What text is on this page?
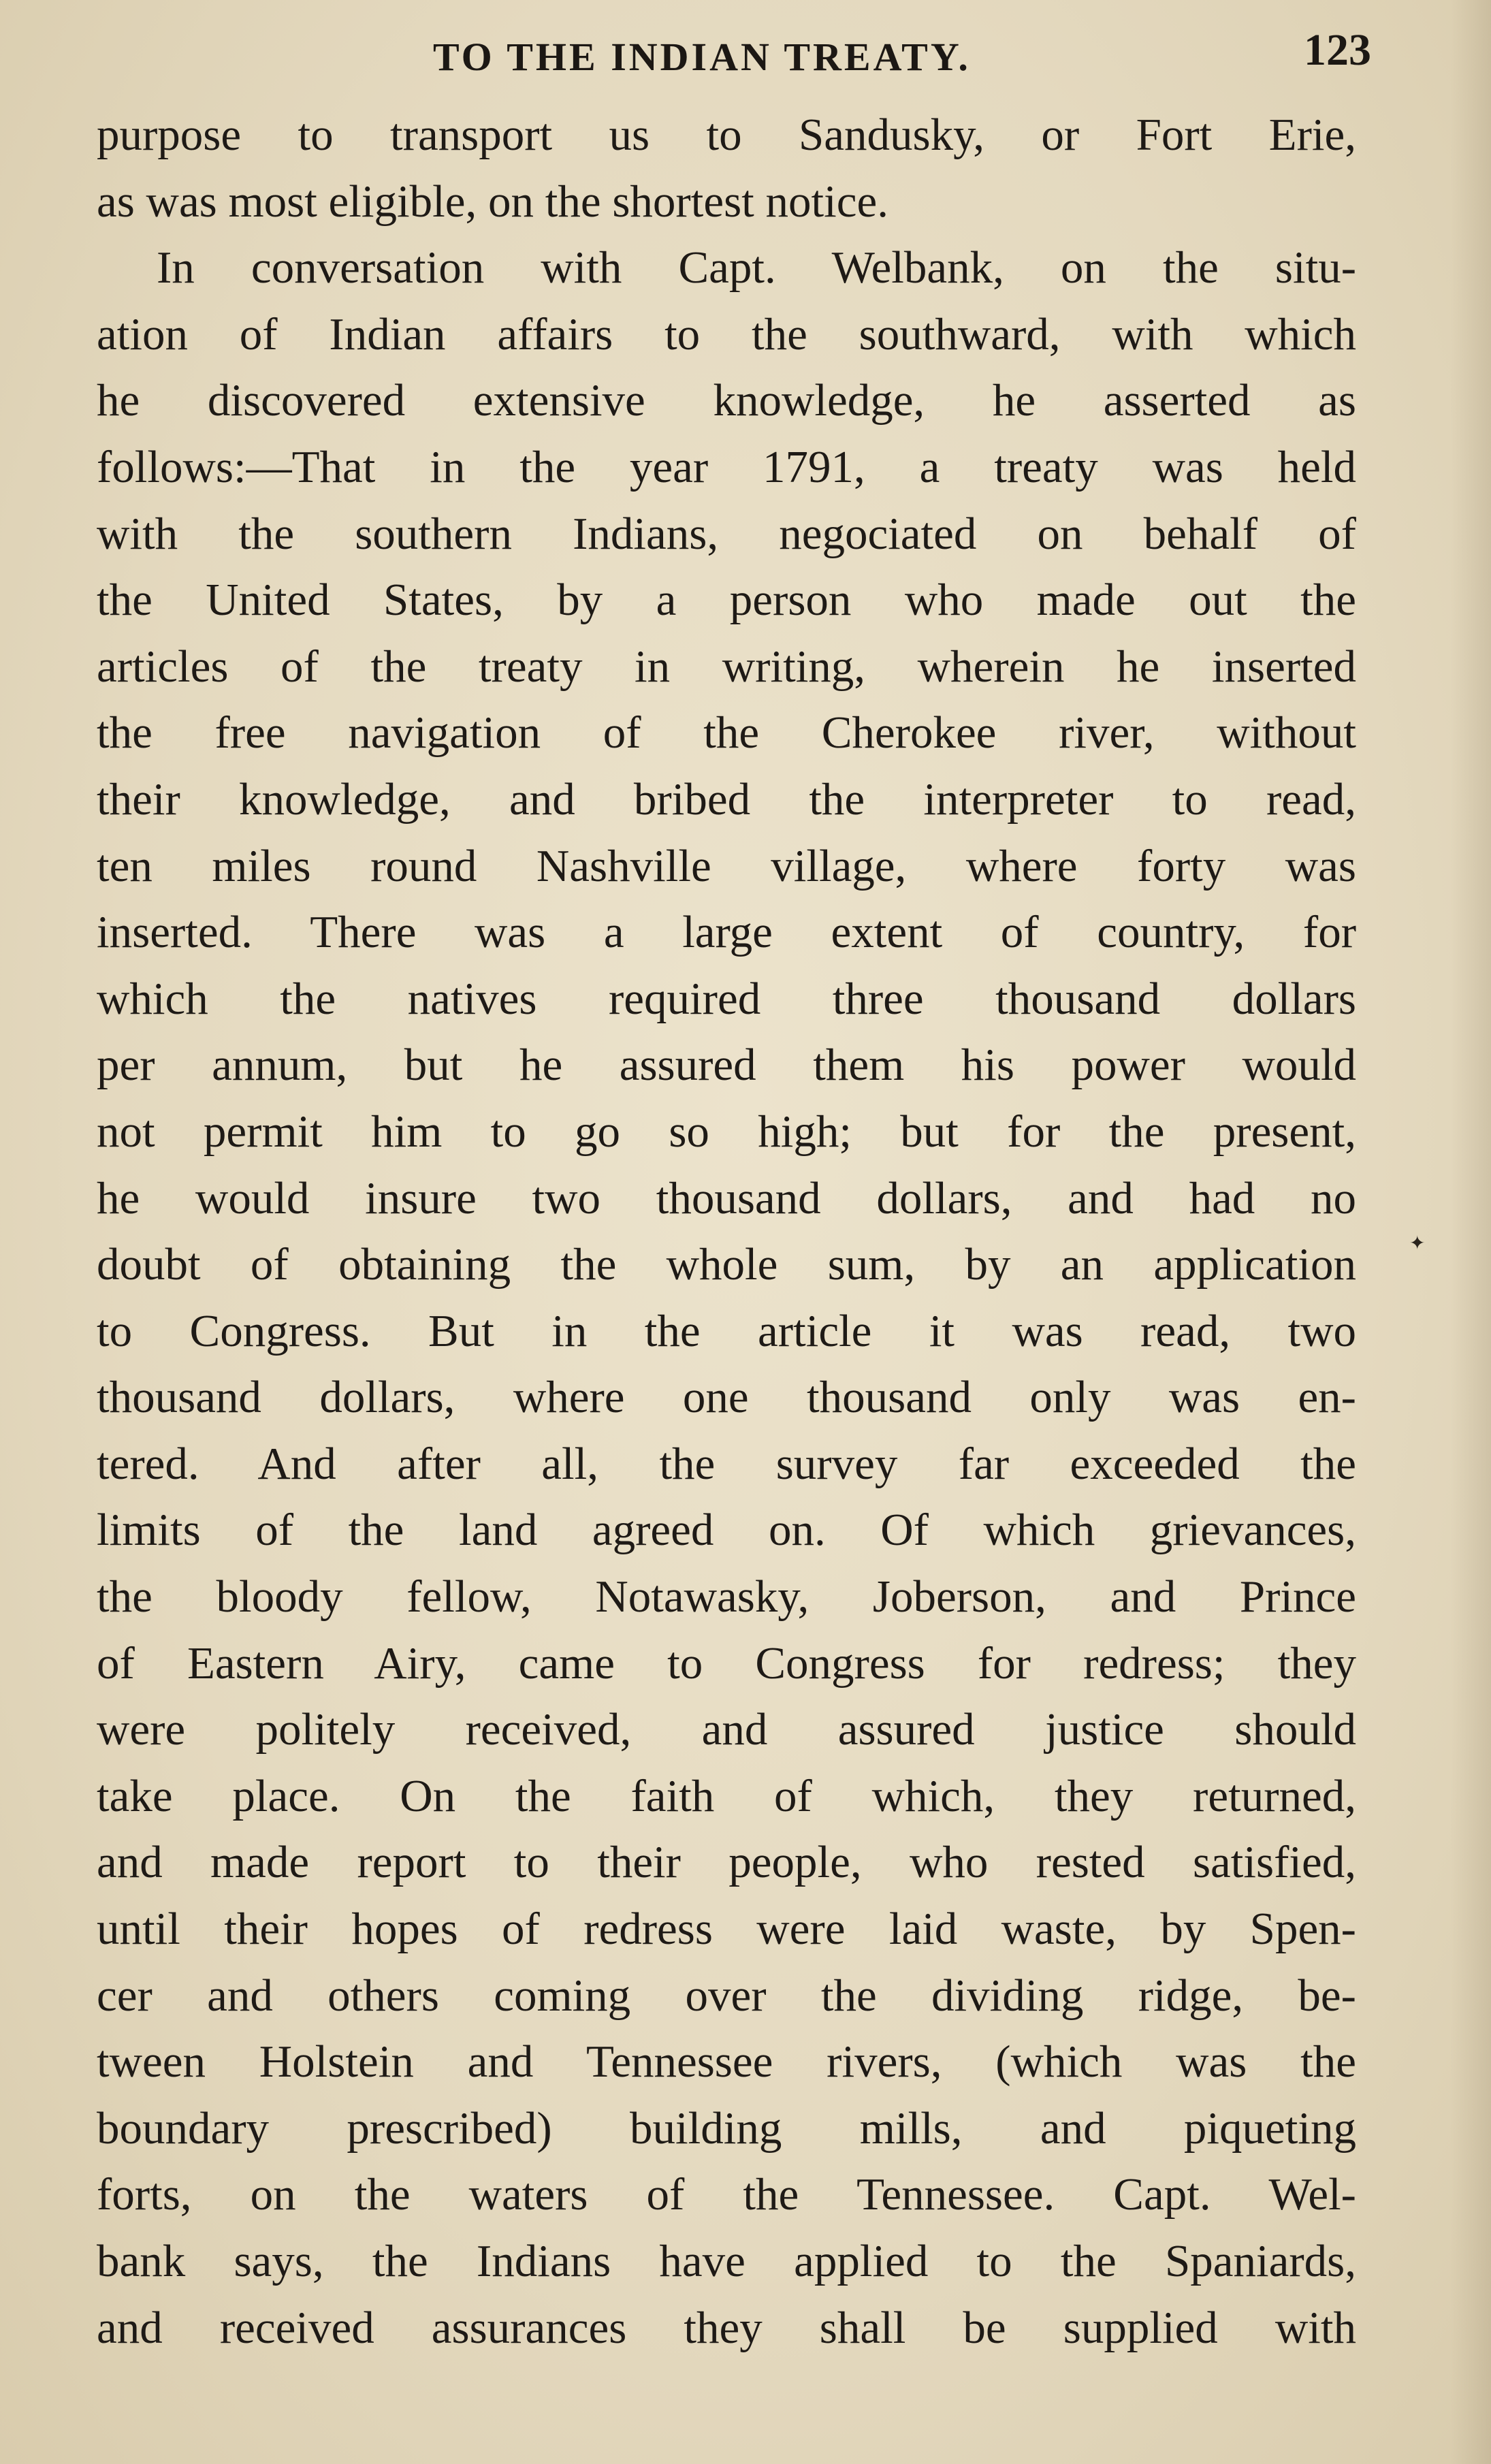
TO THE INDIAN TREATY.	123
purpose to transport us to Sandusky, or Fort Erie,
as was most eligible, on the shortest notice.
In conversation with Capt. Welbank, on the situ-
ation of Indian affairs to the southward, with which
he discovered extensive knowledge, he asserted as
follows:—That in the year 1791, a treaty was held
with the southern Indians, negociated on behalf of
the United States, by a person who made out the
articles of the treaty in writing, wherein he inserted
the free navigation of the Cherokee river, without
their knowledge, and bribed the interpreter to read,
ten miles round Nashville village, where forty was
inserted. There was a large extent of country, for
which the natives required three thousand dollars
per annum, but he assured them his power would
not permit him to go so high; but for the present,
he would insure two thousand dollars, and had no
doubt of obtaining the whole sum, by an application
to Congress. But in the article it was read, two
thousand dollars, where one thousand only was en-
tered. And after all, the survey far exceeded the
limits of the land agreed on. Of which grievances,
the bloody fellow, Notawasky, Joberson, and Prince
of Eastern Airy, came to Congress for redress; they
were politely received, and assured justice should
take place. On the faith of which, they returned,
and made report to their people, who rested satisfied,
until their hopes of redress were laid waste, by Spen-
cer and others coming over the dividing ridge, be-
tween Holstein and Tennessee rivers, (which was the
boundary prescribed) building mills, and piqueting
forts, on the waters of the Tennessee. Capt. Wel-
bank says, the Indians have applied to the Spaniards,
and received assurances they shall be supplied with
✦
